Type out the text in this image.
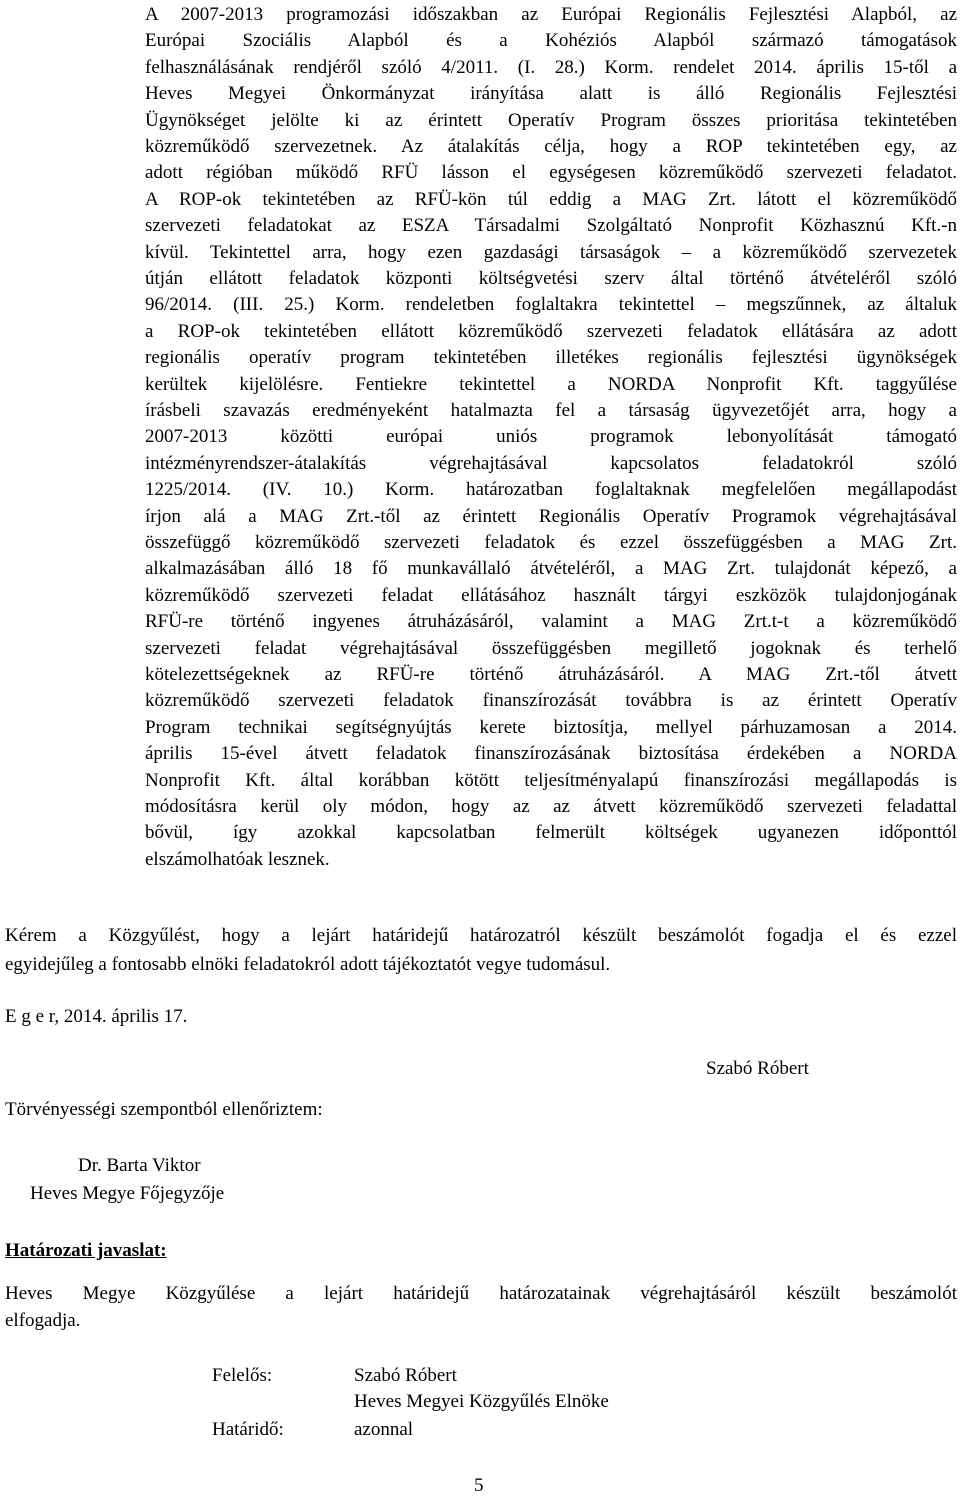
A 2007-2013 programozási időszakban az Európai Regionális Fejlesztési Alapból, az
Európai Szociális Alapból és a Kohéziós Alapból származó támogatások
felhasználásának rendjéről szóló 4/2011. (I. 28.) Korm. rendelet 2014. április 15-től a
Heves Megyei Önkormányzat irányítása alatt is álló Regionális Fejlesztési
Ügynökséget jelölte ki az érintett Operatív Program összes prioritása tekintetében
közreműködő szervezetnek. Az átalakítás célja, hogy a ROP tekintetében egy, az
adott régióban működő RFÜ lásson el egységesen közreműködő szervezeti feladatot.
A ROP-ok tekintetében az RFÜ-kön túl eddig a MAG Zrt. látott el közreműködő
szervezeti feladatokat az ESZA Társadalmi Szolgáltató Nonprofit Közhasznú Kft.-n
kívül. Tekintettel arra, hogy ezen gazdasági társaságok – a közreműködő szervezetek
útján ellátott feladatok központi költségvetési szerv által történő átvételéről szóló
96/2014. (III. 25.) Korm. rendeletben foglaltakra tekintettel – megszűnnek, az általuk
a ROP-ok tekintetében ellátott közreműködő szervezeti feladatok ellátására az adott
regionális operatív program tekintetében illetékes regionális fejlesztési ügynökségek
kerültek kijelölésre. Fentiekre tekintettel a NORDA Nonprofit Kft. taggyűlése
írásbeli szavazás eredményeként hatalmazta fel a társaság ügyvezetőjét arra, hogy a
2007-2013 közötti európai uniós programok lebonyolítását támogató
intézményrendszer-átalakítás végrehajtásával kapcsolatos feladatokról szóló
1225/2014. (IV. 10.) Korm. határozatban foglaltaknak megfelelően megállapodást
írjon alá a MAG Zrt.-től az érintett Regionális Operatív Programok végrehajtásával
összefüggő közreműködő szervezeti feladatok és ezzel összefüggésben a MAG Zrt.
alkalmazásában álló 18 fő munkavállaló átvételéről, a MAG Zrt. tulajdonát képező, a
közreműködő szervezeti feladat ellátásához használt tárgyi eszközök tulajdonjogának
RFÜ-re történő ingyenes átruházásáról, valamint a MAG Zrt.t-t a közreműködő
szervezeti feladat végrehajtásával összefüggésben megillető jogoknak és terhelő
kötelezettségeknek az RFÜ-re történő átruházásáról. A MAG Zrt.-től átvett
közreműködő szervezeti feladatok finanszírozását továbbra is az érintett Operatív
Program technikai segítségnyújtás kerete biztosítja, mellyel párhuzamosan a 2014.
április 15-ével átvett feladatok finanszírozásának biztosítása érdekében a NORDA
Nonprofit Kft. által korábban kötött teljesítményalapú finanszírozási megállapodás is
módosításra kerül oly módon, hogy az az átvett közreműködő szervezeti feladattal
bővül, így azokkal kapcsolatban felmerült költségek ugyanezen időponttól
elszámolhatóak lesznek.
Kérem a Közgyűlést, hogy a lejárt határidejű határozatról készült beszámolót fogadja el és ezzel
egyidejűleg a fontosabb elnöki feladatokról adott tájékoztatót vegye tudomásul.
E g e r, 2014. április 17.
Szabó Róbert
Törvényességi szempontból ellenőriztem:
Dr. Barta Viktor
Heves Megye Főjegyzője
Határozati javaslat:
Heves Megye Közgyűlése a lejárt határidejű határozatainak végrehajtásáról készült beszámolót
elfogadja.
Felelős:	Szabó Róbert
Heves Megyei Közgyűlés Elnöke
Határidő:	azonnal
5
